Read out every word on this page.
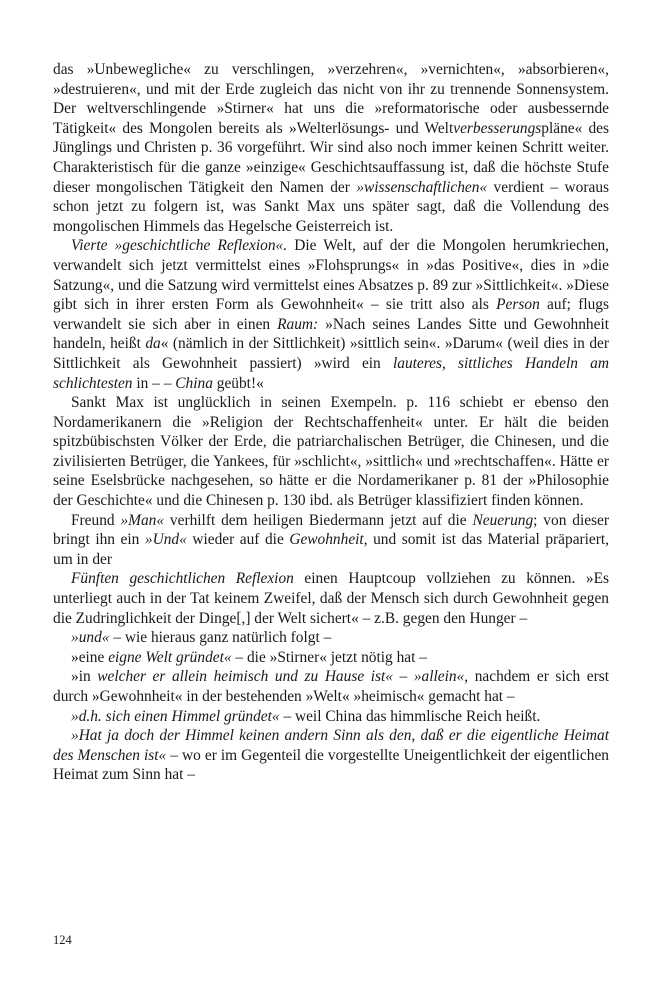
das »Unbewegliche« zu verschlingen, »verzehren«, »vernichten«, »absorbieren«, »destruieren«, und mit der Erde zugleich das nicht von ihr zu trennende Sonnensystem. Der weltverschlingende »Stirner« hat uns die »reformatorische oder ausbessernde Tätigkeit« des Mongolen bereits als »Welterlösungs- und Weltverbesserungspläne« des Jünglings und Christen p. 36 vorgeführt. Wir sind also noch immer keinen Schritt weiter. Charakteristisch für die ganze »einzige« Geschichtsauffassung ist, daß die höchste Stufe dieser mongolischen Tätigkeit den Namen der »wissenschaftlichen« verdient – woraus schon jetzt zu folgern ist, was Sankt Max uns später sagt, daß die Vollendung des mongolischen Himmels das Hegelsche Geisterreich ist.

Vierte »geschichtliche Reflexion«. Die Welt, auf der die Mongolen herumkriechen, verwandelt sich jetzt vermittelst eines »Flohsprungs« in »das Positive«, dies in »die Satzung«, und die Satzung wird vermittelst eines Absatzes p. 89 zur »Sittlichkeit«. »Diese gibt sich in ihrer ersten Form als Gewohnheit« – sie tritt also als Person auf; flugs verwandelt sie sich aber in einen Raum: »Nach seines Landes Sitte und Gewohnheit handeln, heißt da« (nämlich in der Sittlichkeit) »sittlich sein«. »Darum« (weil dies in der Sittlichkeit als Gewohnheit passiert) »wird ein lauteres, sittliches Handeln am schlichtesten in – – China geübt!«

Sankt Max ist unglücklich in seinen Exempeln. p. 116 schiebt er ebenso den Nordamerikanern die »Religion der Rechtschaffenheit« unter. Er hält die beiden spitzbübischsten Völker der Erde, die patriarchalischen Betrüger, die Chinesen, und die zivilisierten Betrüger, die Yankees, für »schlicht«, »sittlich« und »rechtschaffen«. Hätte er seine Eselsbrücke nachgesehen, so hätte er die Nordamerikaner p. 81 der »Philosophie der Geschichte« und die Chinesen p. 130 ibd. als Betrüger klassifiziert finden können.

Freund »Man« verhilft dem heiligen Biedermann jetzt auf die Neuerung; von dieser bringt ihn ein »Und« wieder auf die Gewohnheit, und somit ist das Material präpariert, um in der

Fünften geschichtlichen Reflexion einen Hauptcoup vollziehen zu können. »Es unterliegt auch in der Tat keinem Zweifel, daß der Mensch sich durch Gewohnheit gegen die Zudringlichkeit der Dinge[,] der Welt sichert« – z.B. gegen den Hunger –

»und« – wie hieraus ganz natürlich folgt –

»eine eigne Welt gründet« – die »Stirner« jetzt nötig hat –

»in welcher er allein heimisch und zu Hause ist« – »allein«, nachdem er sich erst durch »Gewohnheit« in der bestehenden »Welt« »heimisch« gemacht hat –

»d.h. sich einen Himmel gründet« – weil China das himmlische Reich heißt.

»Hat ja doch der Himmel keinen andern Sinn als den, daß er die eigentliche Heimat des Menschen ist« – wo er im Gegenteil die vorgestellte Uneigentlichkeit der eigentlichen Heimat zum Sinn hat –

124
